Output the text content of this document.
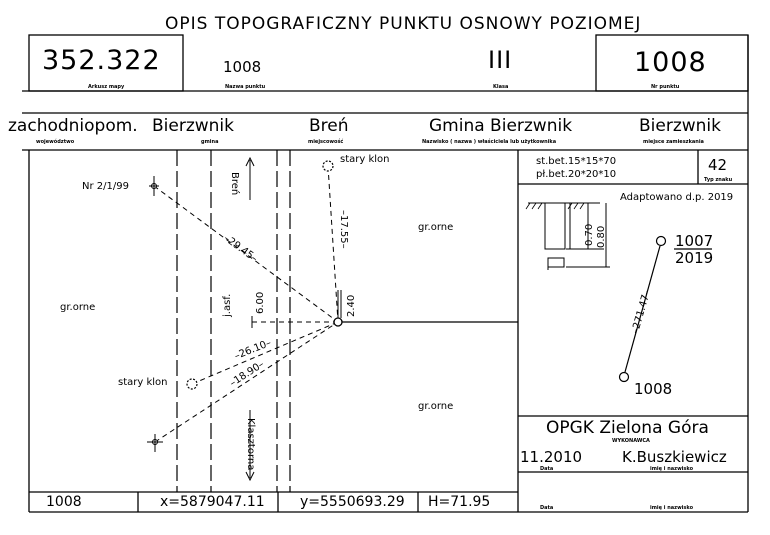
OPIS TOPOGRAFICZNY PUNKTU OSNOWY POZIOMEJ
352.322
Arkusz mapy
1008
Nazwa punktu
III
Klasa
1008
Nr punktu
zachodniopom.
województwo
Bierzwnik
gmina
Breń
miejscowość
Gmina Bierzwnik
Nazwisko ( nazwa ) właściciela lub użytkownika
Bierzwnik
miejsce zamieszkania
Nr 2/1/99
stary klon
stary klon
Breń
Klasztorna
j.asf.
–29.45–
–17.55–
–26.10–
–18.90–
2.40
6.00
gr.orne
gr.orne
gr.orne
st.bet.15*15*70
pł.bet.20*20*10
42
Typ znaku
0.70 0.80
Adaptowano d.p. 2019
1007
2019
–271.47–
1008
OPGK Zielona Góra
WYKONAWCA
11.2010
Data
K.Buszkiewicz
imię i nazwisko
Data	imię i nazwisko
1008	x=5879047.11	y=5550693.29 H=71.95
